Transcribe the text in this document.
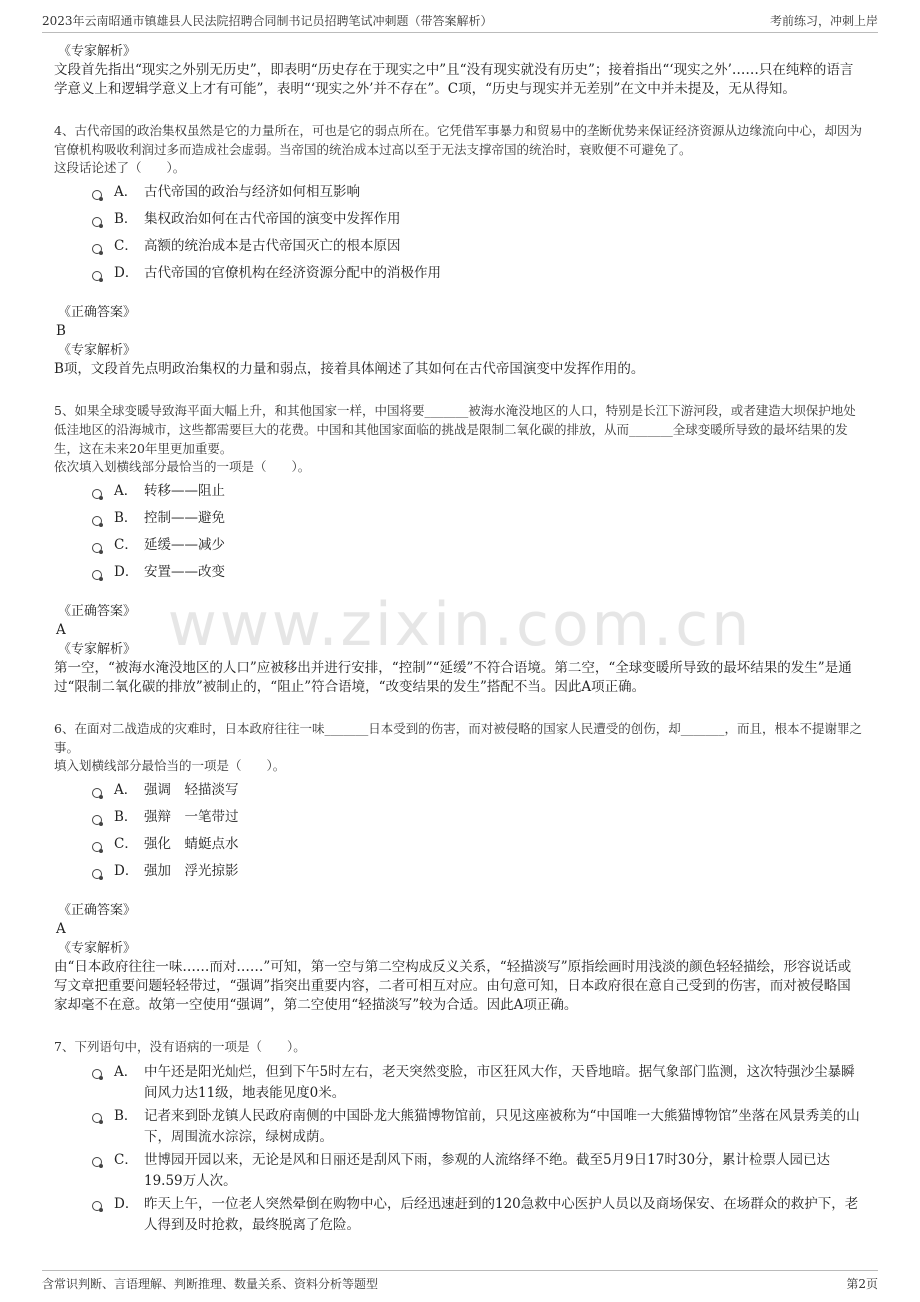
2023年云南昭通市镇雄县人民法院招聘合同制书记员招聘笔试冲刺题（带答案解析）	考前练习，冲刺上岸
www.zixin.com.cn
《专家解析》
文段首先指出“现实之外别无历史”，即表明“历史存在于现实之中”且“没有现实就没有历史”；接着指出“‘现实之外’……只在纯粹的语言学意义上和逻辑学意义上才有可能”，表明“‘现实之外’并不存在”。C项，“历史与现实并无差别”在文中并未提及，无从得知。
4、古代帝国的政治集权虽然是它的力量所在，可也是它的弱点所在。它凭借军事暴力和贸易中的垄断优势来保证经济资源从边缘流向中心，却因为官僚机构吸收利润过多而造成社会虚弱。当帝国的统治成本过高以至于无法支撑帝国的统治时，衰败便不可避免了。
这段话论述了（　　）。
A． 古代帝国的政治与经济如何相互影响
B． 集权政治如何在古代帝国的演变中发挥作用
C． 高额的统治成本是古代帝国灭亡的根本原因
D． 古代帝国的官僚机构在经济资源分配中的消极作用
《正确答案》
B
《专家解析》
B项，文段首先点明政治集权的力量和弱点，接着具体阐述了其如何在古代帝国演变中发挥作用的。
5、如果全球变暖导致海平面大幅上升，和其他国家一样，中国将要_______被海水淹没地区的人口，特别是长江下游河段，或者建造大坝保护地处低洼地区的沿海城市，这些都需要巨大的花费。中国和其他国家面临的挑战是限制二氧化碳的排放，从而_______全球变暖所导致的最坏结果的发生，这在未来20年里更加重要。
依次填入划横线部分最恰当的一项是（　　）。
A． 转移——阻止
B． 控制——避免
C． 延缓——减少
D． 安置——改变
《正确答案》
A
《专家解析》
第一空，“被海水淹没地区的人口”应被移出并进行安排，“控制”“延缓”不符合语境。第二空，“全球变暖所导致的最坏结果的发生”是通过“限制二氧化碳的排放”被制止的，“阻止”符合语境，“改变结果的发生”搭配不当。因此A项正确。
6、在面对二战造成的灾难时，日本政府往往一味_______日本受到的伤害，而对被侵略的国家人民遭受的创伤，却_______，而且，根本不提谢罪之事。
填入划横线部分最恰当的一项是（　　）。
A． 强调　轻描淡写
B． 强辩　一笔带过
C． 强化　蜻蜓点水
D． 强加　浮光掠影
《正确答案》
A
《专家解析》
由“日本政府往往一味……而对……”可知，第一空与第二空构成反义关系，“轻描淡写”原指绘画时用浅淡的颜色轻轻描绘，形容说话或写文章把重要问题轻轻带过，“强调”指突出重要内容，二者可相互对应。由句意可知，日本政府很在意自己受到的伤害，而对被侵略国家却毫不在意。故第一空使用“强调”，第二空使用“轻描淡写”较为合适。因此A项正确。
7、下列语句中，没有语病的一项是（　　）。
A． 中午还是阳光灿烂，但到下午5时左右，老天突然变脸，市区狂风大作，天昏地暗。据气象部门监测，这次特强沙尘暴瞬间风力达11级，地表能见度0米。
B． 记者来到卧龙镇人民政府南侧的中国卧龙大熊猫博物馆前，只见这座被称为“中国唯一大熊猫博物馆”坐落在风景秀美的山下，周围流水淙淙，绿树成荫。
C． 世博园开园以来，无论是风和日丽还是刮风下雨，参观的人流络绎不绝。截至5月9日17时30分，累计检票人园已达19.59万人次。
D． 昨天上午，一位老人突然晕倒在购物中心，后经迅速赶到的120急救中心医护人员以及商场保安、在场群众的救护下，老人得到及时抢救，最终脱离了危险。
含常识判断、言语理解、判断推理、数量关系、资料分析等题型	第2页
